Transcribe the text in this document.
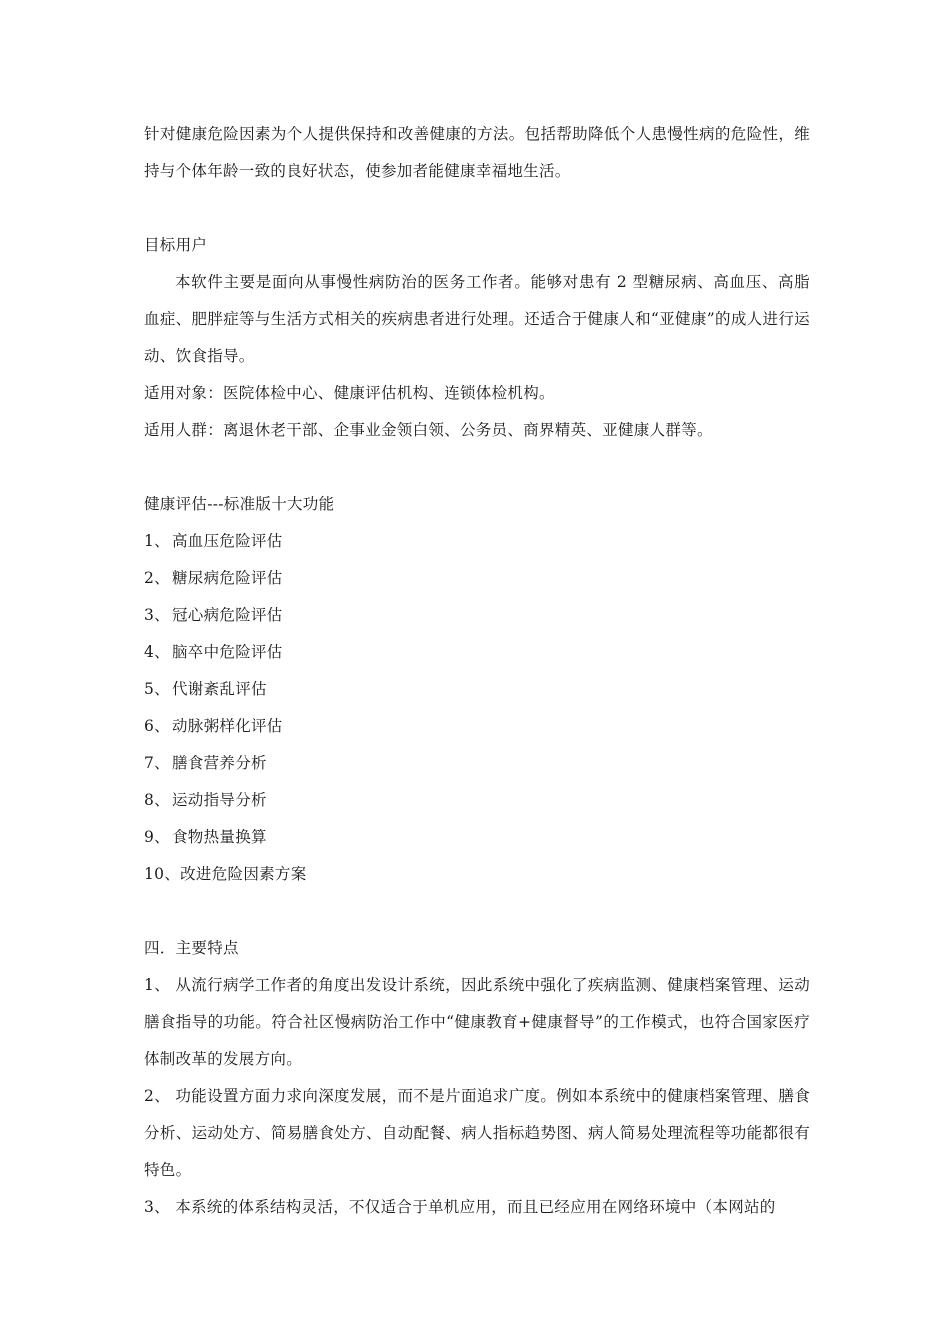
针对健康危险因素为个人提供保持和改善健康的方法。包括帮助降低个人患慢性病的危险性，维持与个体年龄一致的良好状态，使参加者能健康幸福地生活。

目标用户

本软件主要是面向从事慢性病防治的医务工作者。能够对患有 2 型糖尿病、高血压、高脂血症、肥胖症等与生活方式相关的疾病患者进行处理。还适合于健康人和“亚健康”的成人进行运动、饮食指导。

适用对象：医院体检中心、健康评估机构、连锁体检机构。

适用人群：离退休老干部、企事业金领白领、公务员、商界精英、亚健康人群等。

健康评估---标准版十大功能

1、 高血压危险评估

2、 糖尿病危险评估

3、 冠心病危险评估

4、 脑卒中危险评估

5、 代谢紊乱评估

6、 动脉粥样化评估

7、 膳食营养分析

8、 运动指导分析

9、 食物热量换算

10、改进危险因素方案

四．主要特点

1、 从流行病学工作者的角度出发设计系统，因此系统中强化了疾病监测、健康档案管理、运动膳食指导的功能。符合社区慢病防治工作中“健康教育+健康督导”的工作模式，也符合国家医疗体制改革的发展方向。

2、 功能设置方面力求向深度发展，而不是片面追求广度。例如本系统中的健康档案管理、膳食分析、运动处方、简易膳食处方、自动配餐、病人指标趋势图、病人简易处理流程等功能都很有特色。

3、 本系统的体系结构灵活，不仅适合于单机应用，而且已经应用在网络环境中（本网站的
